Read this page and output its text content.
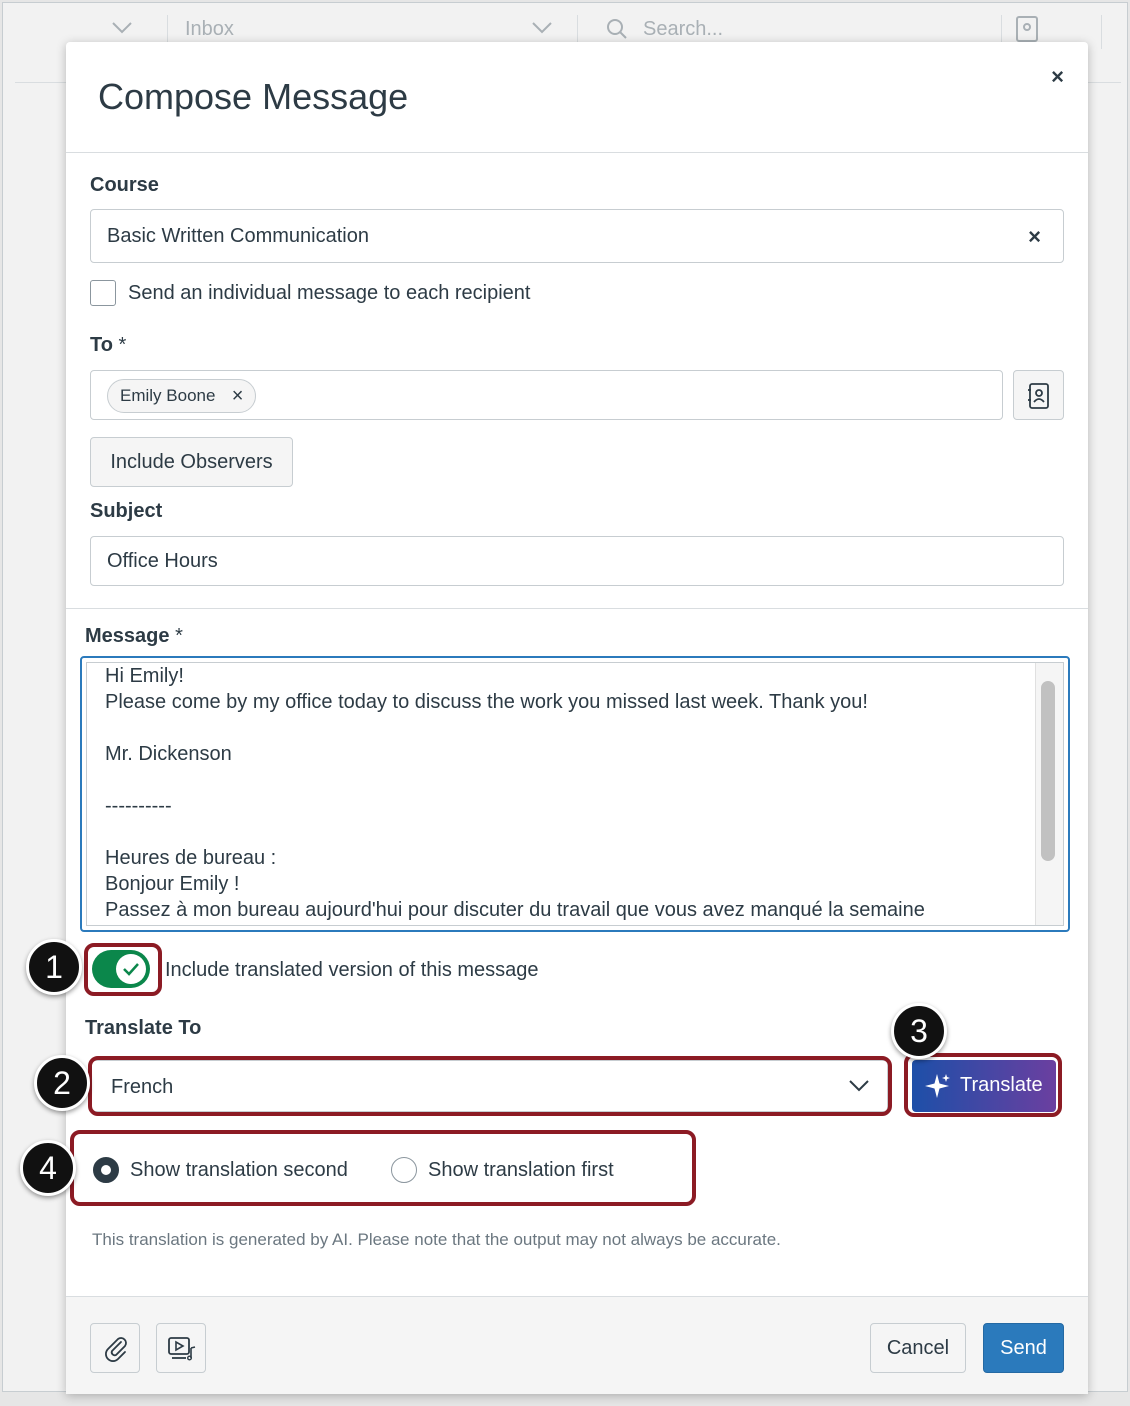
Inbox	Search...
Compose Message	×
Course
Basic Written Communication	×
Send an individual message to each recipient
To *
Emily Boone ×
Include Observers
Subject
Office Hours
Message *
Hi Emily!
Please come by my office today to discuss the work you missed last week. Thank you!
Mr. Dickenson
----------
Heures de bureau :
Bonjour Emily !
Passez à mon bureau aujourd'hui pour discuter du travail que vous avez manqué la semaine
Include translated version of this message
Translate To
French	Translate
Show translation second	Show translation first
This translation is generated by AI. Please note that the output may not always be accurate.
Cancel	Send
1
2
3
4
